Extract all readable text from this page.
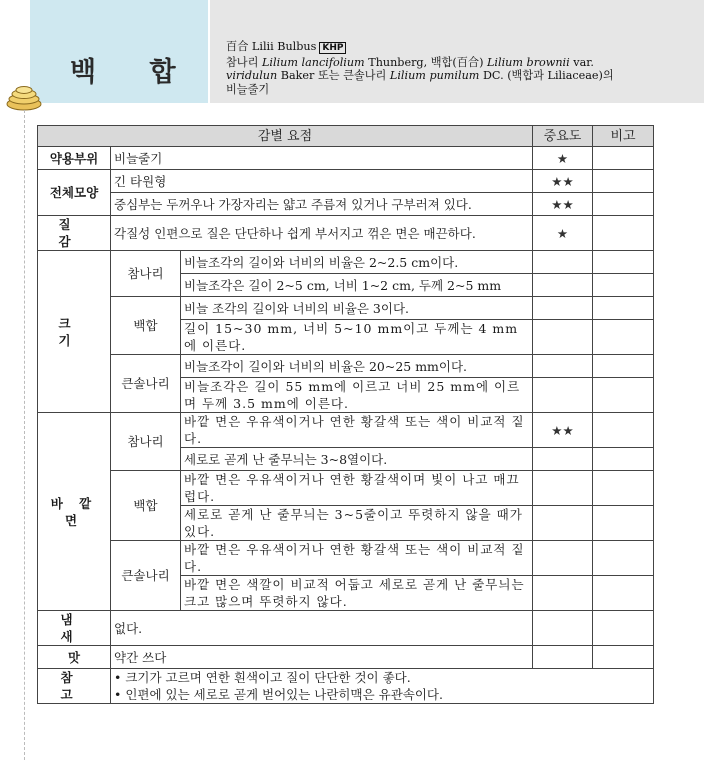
백 합
百合 Lilii Bulbus KHP
참나리 Lilium lancifolium Thunberg, 백합(百合) Lilium brownii var.
viridulun Baker 또는 큰솔나리 Lilium pumilum DC. (백합과 Liliaceae)의
비늘줄기
감별 요점			중요도	비고
약용부위	비늘줄기		★	
전체모양	긴 타원형		★★	
	중심부는 두꺼우나 가장자리는 얇고 주름져 있거나 구부러져 있다.		★★	
질 감	각질성 인편으로 질은 단단하나 쉽게 부서지고 꺾은 면은 매끈하다.		★	
크 기	참나리	비늘조각의 길이와 너비의 비율은 2~2.5 cm이다.		
		비늘조각은 길이 2~5 cm, 너비 1~2 cm, 두께 2~5 mm		
	백합	비늘 조각의 길이와 너비의 비율은 3이다.		
		길이 15~30 mm, 너비 5~10 mm이고 두께는 4 mm에 이른다.		
	큰솔나리	비늘조각이 길이와 너비의 비율은 20~25 mm이다.		
		비늘조각은 길이 55 mm에 이르고 너비 25 mm에 이르며 두께 3.5 mm에 이른다.		
바 깥 면	참나리	바깥 면은 우유색이거나 연한 황갈색 또는 색이 비교적 짙다.	★★	
		세로로 곧게 난 줄무늬는 3~8열이다.		
	백합	바깥 면은 우유색이거나 연한 황갈색이며 빛이 나고 매끄럽다.		
		세로로 곧게 난 줄무늬는 3~5줄이고 뚜렷하지 않을 때가 있다.		
	큰솔나리	바깥 면은 우유색이거나 연한 황갈색 또는 색이 비교적 짙다.		
		바깥 면은 색깔이 비교적 어둡고 세로로 곧게 난 줄무늬는 크고 많으며 뚜렷하지 않다.		
냄 새	없다.			
맛	약간 쓰다			
참 고	• 크기가 고르며 연한 흰색이고 질이 단단한 것이 좋다.
• 인편에 있는 세로로 곧게 벋어있는 나란히맥은 유관속이다.			
